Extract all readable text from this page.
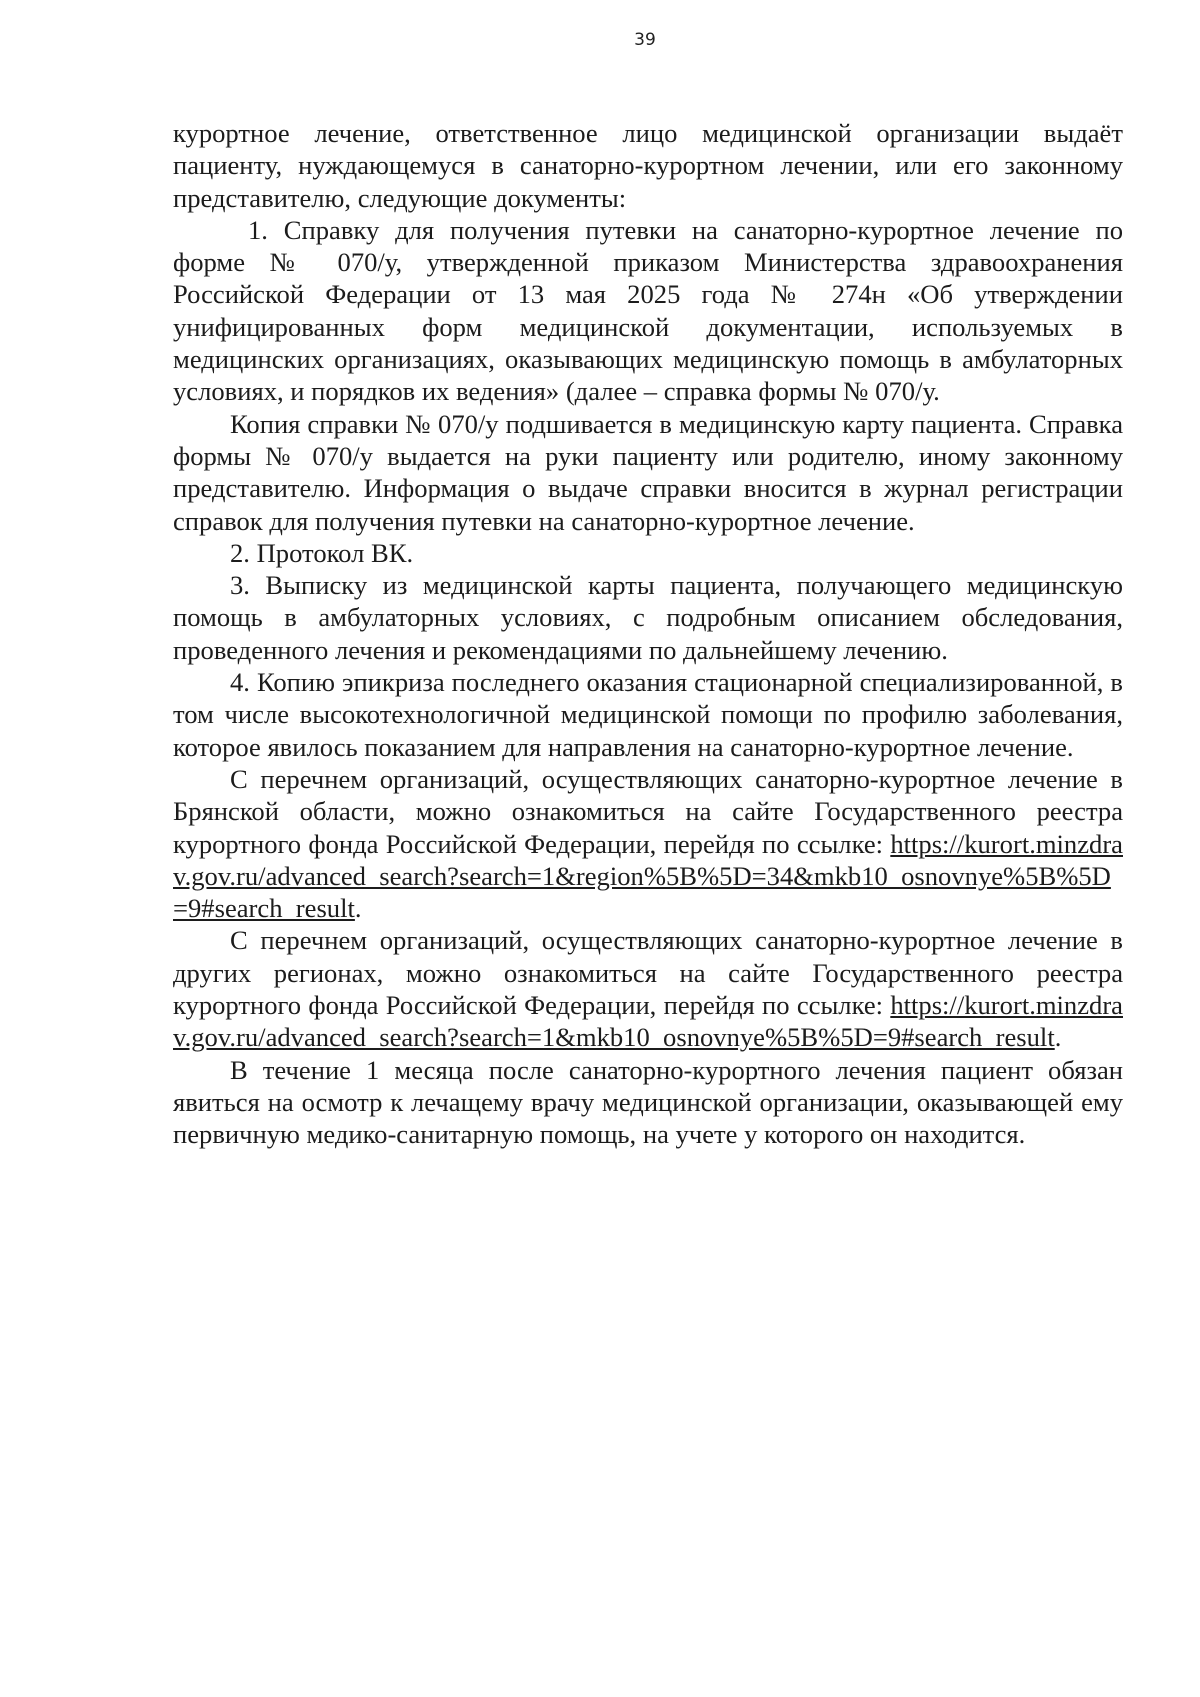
39

курортное лечение, ответственное лицо медицинской организации выдаёт пациенту, нуждающемуся в санаторно-курортном лечении, или его законному представителю, следующие документы:

1. Справку для получения путевки на санаторно-курортное лечение по форме № 070/у, утвержденной приказом Министерства здравоохранения Российской Федерации от 13 мая 2025 года № 274н «Об утверждении унифицированных форм медицинской документации, используемых в медицинских организациях, оказывающих медицинскую помощь в амбулаторных условиях, и порядков их ведения» (далее – справка формы № 070/у.

Копия справки № 070/у подшивается в медицинскую карту пациента. Справка формы № 070/у выдается на руки пациенту или родителю, иному законному представителю. Информация о выдаче справки вносится в журнал регистрации справок для получения путевки на санаторно-курортное лечение.

2. Протокол ВК.

3. Выписку из медицинской карты пациента, получающего медицинскую помощь в амбулаторных условиях, с подробным описанием обследования, проведенного лечения и рекомендациями по дальнейшему лечению.

4. Копию эпикриза последнего оказания стационарной специализированной, в том числе высокотехнологичной медицинской помощи по профилю заболевания, которое явилось показанием для направления на санаторно-курортное лечение.

С перечнем организаций, осуществляющих санаторно-курортное лечение в Брянской области, можно ознакомиться на сайте Государственного реестра курортного фонда Российской Федерации, перейдя по ссылке: https://kurort.minzdrav.gov.ru/advanced_search?search=1&region%5B%5D=34&mkb10_osnovnye%5B%5D=9#search_result.

С перечнем организаций, осуществляющих санаторно-курортное лечение в других регионах, можно ознакомиться на сайте Государственного реестра курортного фонда Российской Федерации, перейдя по ссылке: https://kurort.minzdrav.gov.ru/advanced_search?search=1&mkb10_osnovnye%5B%5D=9#search_result.

В течение 1 месяца после санаторно-курортного лечения пациент обязан явиться на осмотр к лечащему врачу медицинской организации, оказывающей ему первичную медико-санитарную помощь, на учете у которого он находится.
